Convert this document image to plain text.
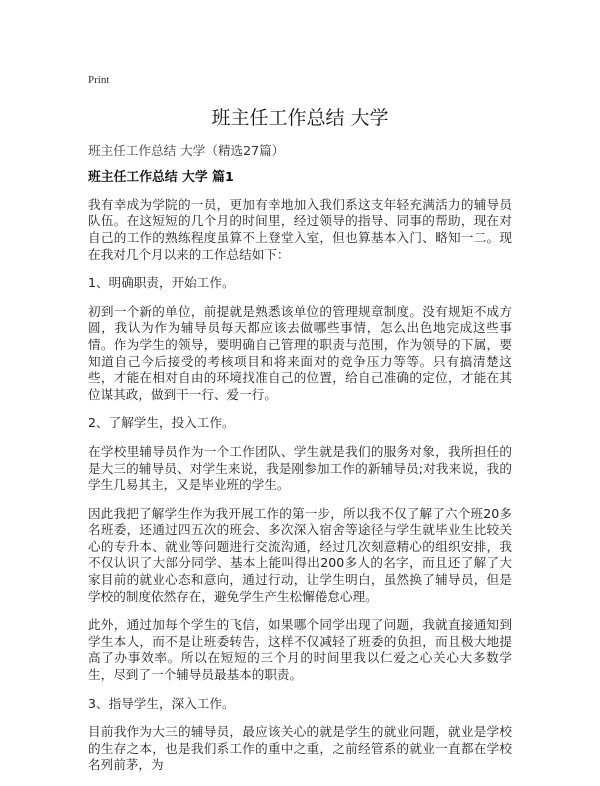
Print
班主任工作总结 大学
班主任工作总结 大学（精选27篇）
班主任工作总结 大学 篇1

我有幸成为学院的一员，更加有幸地加入我们系这支年轻充满活力的辅导员队伍。在这短短的几个月的时间里，经过领导的指导、同事的帮助，现在对自己的工作的熟练程度虽算不上登堂入室，但也算基本入门、略知一二。现在我对几个月以来的工作总结如下：

1、明确职责，开始工作。

初到一个新的单位，前提就是熟悉该单位的管理规章制度。没有规矩不成方圆，我认为作为辅导员每天都应该去做哪些事情，怎么出色地完成这些事情。作为学生的领导，要明确自己管理的职责与范围，作为领导的下属，要知道自己今后接受的考核项目和将来面对的竞争压力等等。只有搞清楚这些，才能在相对自由的环境找准自己的位置，给自己准确的定位，才能在其位谋其政，做到干一行、爱一行。

2、了解学生，投入工作。

在学校里辅导员作为一个工作团队、学生就是我们的服务对象，我所担任的是大三的辅导员、对学生来说，我是刚参加工作的新辅导员;对我来说，我的学生几易其主，又是毕业班的学生。

因此我把了解学生作为我开展工作的第一步，所以我不仅了解了六个班20多名班委，还通过四五次的班会、多次深入宿舍等途径与学生就毕业生比较关心的专升本、就业等问题进行交流沟通，经过几次刻意精心的组织安排，我不仅认识了大部分同学、基本上能叫得出200多人的名字，而且还了解了大家目前的就业心态和意向，通过行动，让学生明白，虽然换了辅导员，但是学校的制度依然存在，避免学生产生松懈倦怠心理。

此外，通过加每个学生的飞信，如果哪个同学出现了问题，我就直接通知到学生本人，而不是让班委转告，这样不仅减轻了班委的负担，而且极大地提高了办事效率。所以在短短的三个月的时间里我以仁爱之心关心大多数学生，尽到了一个辅导员最基本的职责。

3、指导学生，深入工作。

目前我作为大三的辅导员，最应该关心的就是学生的就业问题，就业是学校的生存之本，也是我们系工作的重中之重，之前经管系的就业一直都在学校名列前茅，为
